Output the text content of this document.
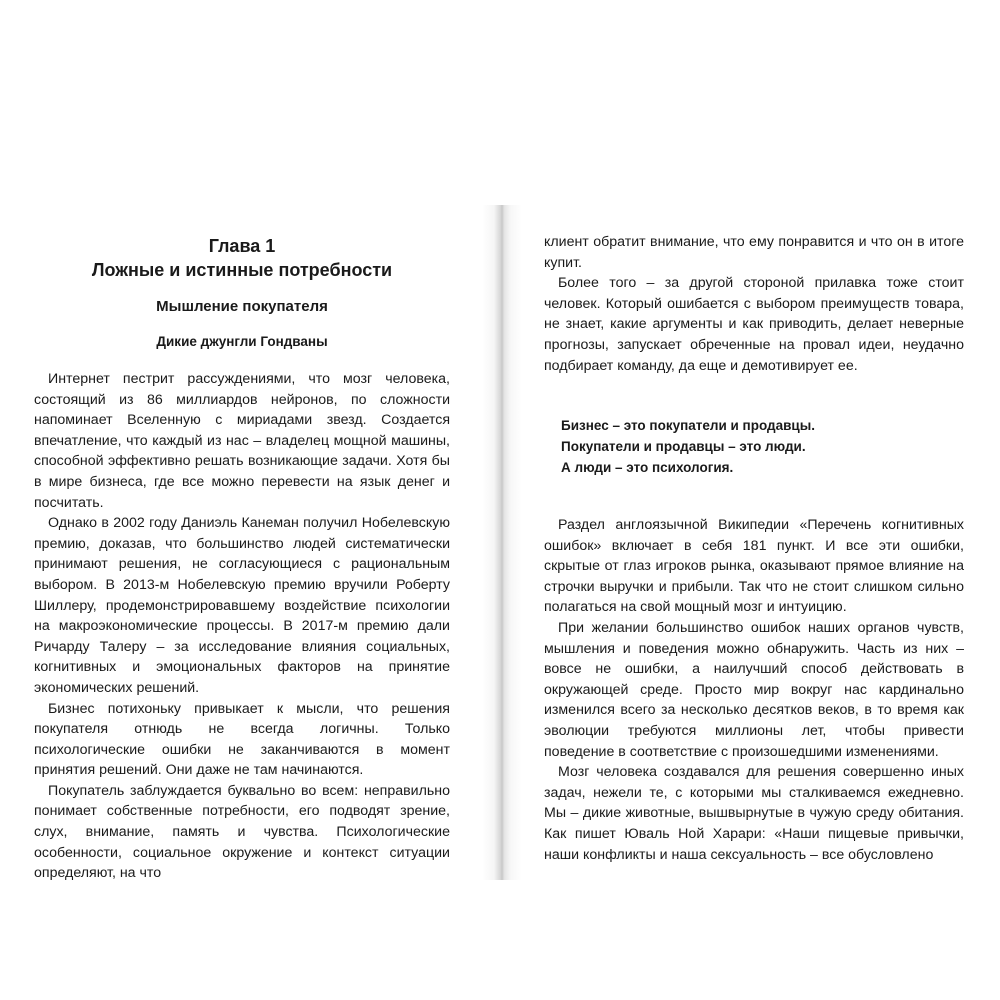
Глава 1
Ложные и истинные потребности
Мышление покупателя
Дикие джунгли Гондваны

Интернет пестрит рассуждениями, что мозг человека, состоящий из 86 миллиардов нейронов, по сложности напоминает Вселенную с мириадами звезд. Создается впечатление, что каждый из нас – владелец мощной машины, способной эффективно решать возникающие задачи. Хотя бы в мире бизнеса, где все можно перевести на язык денег и посчитать.

Однако в 2002 году Даниэль Канеман получил Нобелевскую премию, доказав, что большинство людей систематически принимают решения, не согласующиеся с рациональным выбором. В 2013-м Нобелевскую премию вручили Роберту Шиллеру, продемонстрировавшему воздействие психологии на макроэкономические процессы. В 2017-м премию дали Ричарду Талеру – за исследование влияния социальных, когнитивных и эмоциональных факторов на принятие экономических решений.

Бизнес потихоньку привыкает к мысли, что решения покупателя отнюдь не всегда логичны. Только психологические ошибки не заканчиваются в момент принятия решений. Они даже не там начинаются.

Покупатель заблуждается буквально во всем: неправильно понимает собственные потребности, его подводят зрение, слух, внимание, память и чувства. Психологические особенности, социальное окружение и контекст ситуации определяют, на что

клиент обратит внимание, что ему понравится и что он в итоге купит.

Более того – за другой стороной прилавка тоже стоит человек. Который ошибается с выбором преимуществ товара, не знает, какие аргументы и как приводить, делает неверные прогнозы, запускает обреченные на провал идеи, неудачно подбирает команду, да еще и демотивирует ее.

Бизнес – это покупатели и продавцы.
Покупатели и продавцы – это люди.
А люди – это психология.

Раздел англоязычной Википедии «Перечень когнитивных ошибок» включает в себя 181 пункт. И все эти ошибки, скрытые от глаз игроков рынка, оказывают прямое влияние на строчки выручки и прибыли. Так что не стоит слишком сильно полагаться на свой мощный мозг и интуицию.

При желании большинство ошибок наших органов чувств, мышления и поведения можно обнаружить. Часть из них – вовсе не ошибки, а наилучший способ действовать в окружающей среде. Просто мир вокруг нас кардинально изменился всего за несколько десятков веков, в то время как эволюции требуются миллионы лет, чтобы привести поведение в соответствие с произошедшими изменениями.

Мозг человека создавался для решения совершенно иных задач, нежели те, с которыми мы сталкиваемся ежедневно. Мы – дикие животные, вышвырнутые в чужую среду обитания. Как пишет Юваль Ной Харари: «Наши пищевые привычки, наши конфликты и наша сексуальность – все обусловлено
